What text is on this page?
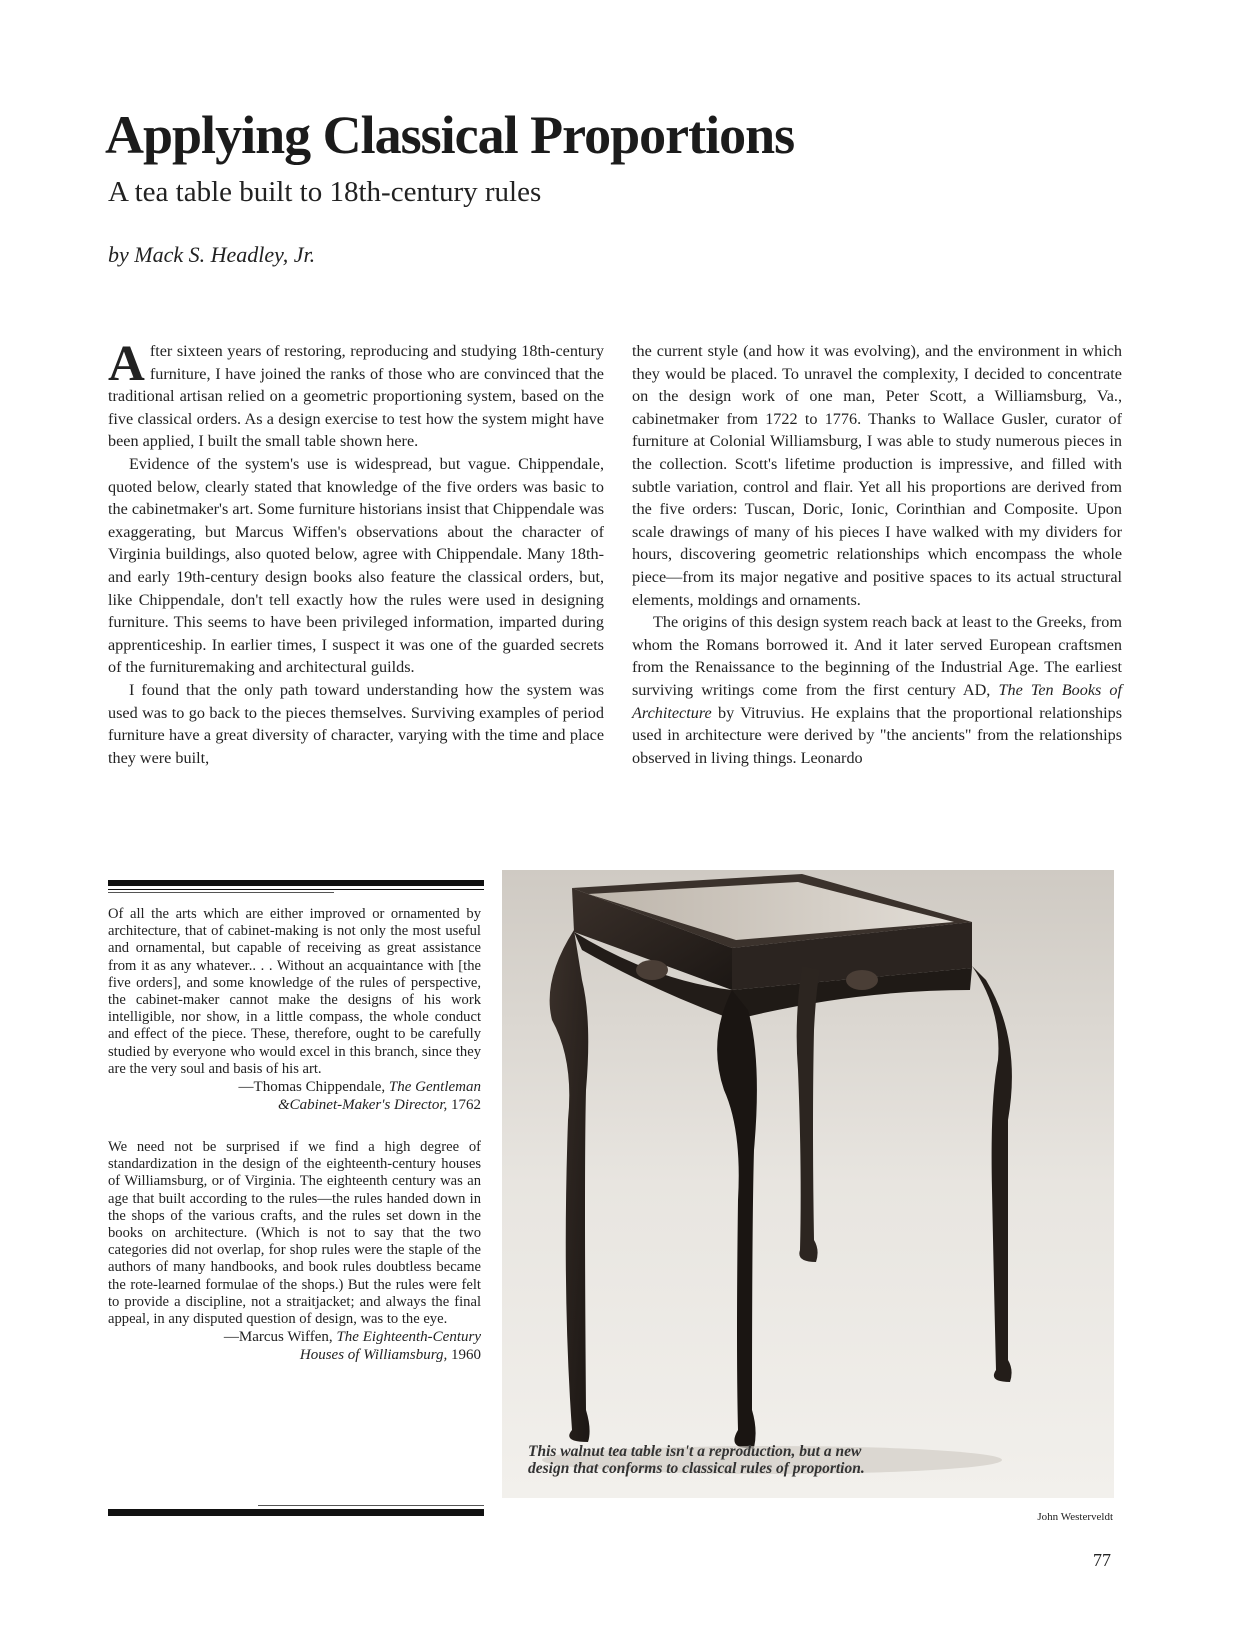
Applying Classical Proportions
A tea table built to 18th-century rules
by Mack S. Headley, Jr.

After sixteen years of restoring, reproducing and studying 18th-century furniture, I have joined the ranks of those who are convinced that the traditional artisan relied on a geometric proportioning system, based on the five classical orders. As a design exercise to test how the system might have been applied, I built the small table shown here.

Evidence of the system's use is widespread, but vague. Chippendale, quoted below, clearly stated that knowledge of the five orders was basic to the cabinetmaker's art. Some furniture historians insist that Chippendale was exaggerating, but Marcus Wiffen's observations about the character of Virginia buildings, also quoted below, agree with Chippendale. Many 18th- and early 19th-century design books also feature the classical orders, but, like Chippendale, don't tell exactly how the rules were used in designing furniture. This seems to have been privileged information, imparted during apprenticeship. In earlier times, I suspect it was one of the guarded secrets of the furnituremaking and architectural guilds.

I found that the only path toward understanding how the system was used was to go back to the pieces themselves. Surviving examples of period furniture have a great diversity of character, varying with the time and place they were built,

the current style (and how it was evolving), and the environment in which they would be placed. To unravel the complexity, I decided to concentrate on the design work of one man, Peter Scott, a Williamsburg, Va., cabinetmaker from 1722 to 1776. Thanks to Wallace Gusler, curator of furniture at Colonial Williamsburg, I was able to study numerous pieces in the collection. Scott's lifetime production is impressive, and filled with subtle variation, control and flair. Yet all his proportions are derived from the five orders: Tuscan, Doric, Ionic, Corinthian and Composite. Upon scale drawings of many of his pieces I have walked with my dividers for hours, discovering geometric relationships which encompass the whole piece—from its major negative and positive spaces to its actual structural elements, moldings and ornaments.

The origins of this design system reach back at least to the Greeks, from whom the Romans borrowed it. And it later served European craftsmen from the Renaissance to the beginning of the Industrial Age. The earliest surviving writings come from the first century AD, The Ten Books of Architecture by Vitruvius. He explains that the proportional relationships used in architecture were derived by "the ancients" from the relationships observed in living things. Leonardo

Of all the arts which are either improved or ornamented by architecture, that of cabinet-making is not only the most useful and ornamental, but capable of receiving as great assistance from it as any whatever.. . . Without an acquaintance with [the five orders], and some knowledge of the rules of perspective, the cabinet-maker cannot make the designs of his work intelligible, nor show, in a little compass, the whole conduct and effect of the piece. These, therefore, ought to be carefully studied by everyone who would excel in this branch, since they are the very soul and basis of his art.

—Thomas Chippendale, The Gentleman

&Cabinet-Maker's Director, 1762

We need not be surprised if we find a high degree of standardization in the design of the eighteenth-century houses of Williamsburg, or of Virginia. The eighteenth century was an age that built according to the rules—the rules handed down in the shops of the various crafts, and the rules set down in the books on architecture. (Which is not to say that the two categories did not overlap, for shop rules were the staple of the authors of many handbooks, and book rules doubtless became the rote-learned formulae of the shops.) But the rules were felt to provide a discipline, not a straitjacket; and always the final appeal, in any disputed question of design, was to the eye.

—Marcus Wiffen, The Eighteenth-Century

Houses of Williamsburg, 1960

This walnut tea table isn't a reproduction, but a new design that conforms to classical rules of proportion.
John Westerveldt
77
